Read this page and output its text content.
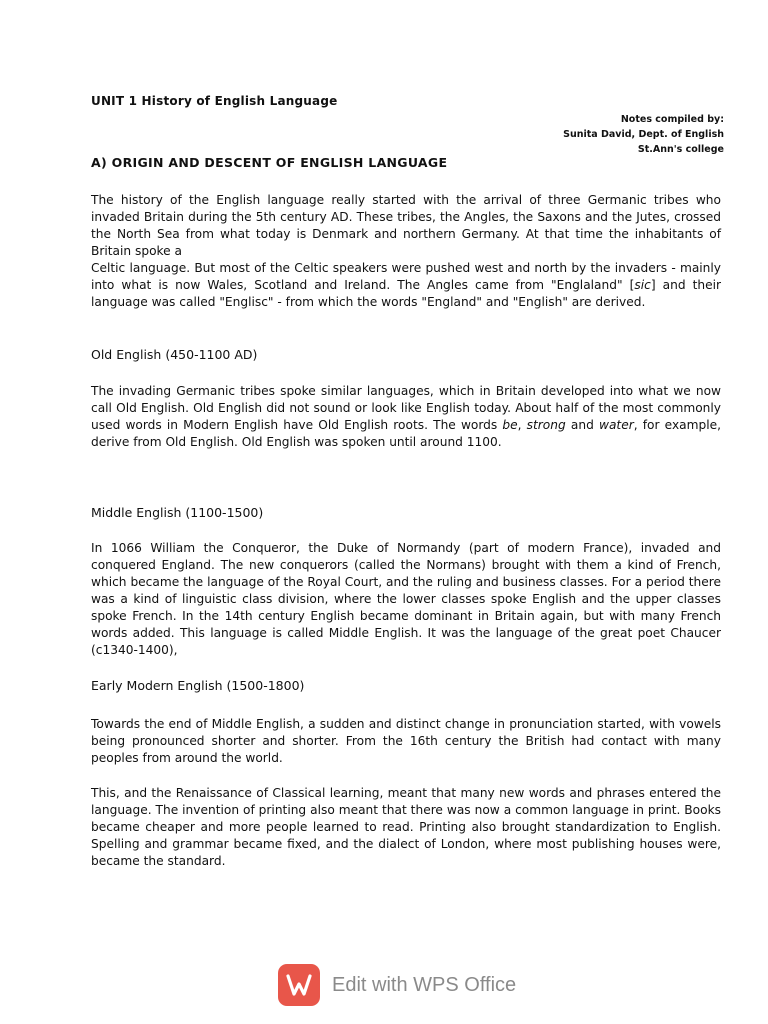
UNIT 1 History of English Language
Notes compiled by:
Sunita David, Dept. of English
St.Ann's college
A) ORIGIN AND DESCENT OF ENGLISH LANGUAGE

The history of the English language really started with the arrival of three Germanic tribes who invaded Britain during the 5th century AD. These tribes, the Angles, the Saxons and the Jutes, crossed the North Sea from what today is Denmark and northern Germany. At that time the inhabitants of Britain spoke a

Celtic language. But most of the Celtic speakers were pushed west and north by the invaders - mainly into what is now Wales, Scotland and Ireland. The Angles came from "Englaland" [sic] and their language was called "Englisc" - from which the words "England" and "English" are derived.

Old English (450-1100 AD)

The invading Germanic tribes spoke similar languages, which in Britain developed into what we now call Old English. Old English did not sound or look like English today. About half of the most commonly used words in Modern English have Old English roots. The words be, strong and water, for example, derive from Old English. Old English was spoken until around 1100.

Middle English (1100-1500)

In 1066 William the Conqueror, the Duke of Normandy (part of modern France), invaded and conquered England. The new conquerors (called the Normans) brought with them a kind of French, which became the language of the Royal Court, and the ruling and business classes. For a period there was a kind of linguistic class division, where the lower classes spoke English and the upper classes spoke French. In the 14th century English became dominant in Britain again, but with many French words added. This language is called Middle English. It was the language of the great poet Chaucer (c1340-1400),

Early Modern English (1500-1800)

Towards the end of Middle English, a sudden and distinct change in pronunciation started, with vowels being pronounced shorter and shorter. From the 16th century the British had contact with many peoples from around the world.

This, and the Renaissance of Classical learning, meant that many new words and phrases entered the language. The invention of printing also meant that there was now a common language in print. Books became cheaper and more people learned to read. Printing also brought standardization to English. Spelling and grammar became fixed, and the dialect of London, where most publishing houses were, became the standard.

Edit with WPS Office
